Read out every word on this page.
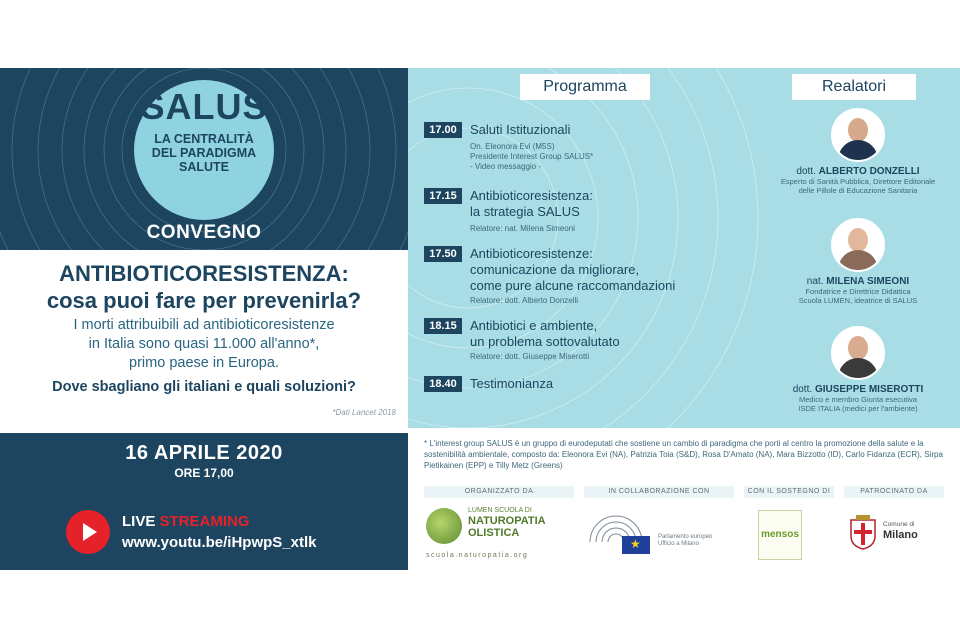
SALUS
LA CENTRALITÀ
DEL PARADIGMA
SALUTE
CONVEGNO
ANTIBIOTICORESISTENZA:
cosa puoi fare per prevenirla?
I morti attribuibili ad antibioticoresistenze
in Italia sono quasi 11.000 all'anno*,
primo paese in Europa.
Dove sbagliano gli italiani e quali soluzioni?
*Dati Lancet 2018
16 APRILE 2020
ORE 17,00
LIVE STREAMING
www.youtu.be/iHpwpS_xtlk
Programma	Realatori
17.00	Saluti Istituzionali
On. Eleonora Evi (M5S)
Presidente Interest Group SALUS*
- Video messaggio -
17.15	Antibioticoresistenza:
la strategia SALUS
Relatore: nat. Milena Simeoni
17.50	Antibioticoresistenze:
comunicazione da migliorare,
come pure alcune raccomandazioni
Relatore: dott. Alberto Donzelli
18.15	Antibiotici e ambiente,
un problema sottovalutato
Relatore: dott. Giuseppe Miserotti
18.40	Testimonianza
dott. ALBERTO DONZELLI
Esperto di Sanità Pubblica, Direttore Editoriale
delle Pillole di Educazione Sanitaria
nat. MILENA SIMEONI
Fondatrice e Direttrice Didattica
Scuola LUMEN, ideatrice di SALUS
dott. GIUSEPPE MISEROTTI
Medico e membro Giunta esecutiva
ISDE ITALIA (medici per l'ambiente)
* L'interest group SALUS è un gruppo di eurodeputati che sostiene un cambio di paradigma che porti al centro la promozione della salute e la sostenibilità ambientale, composto da: Eleonora Evi (NA), Patrizia Toia (S&D), Rosa D'Amato (NA), Mara Bizzotto (ID), Carlo Fidanza (ECR), Sirpa Pietikainen (EPP) e Tilly Metz (Greens)
ORGANIZZATO DA	IN COLLABORAZIONE CON	CON IL SOSTEGNO DI	PATROCINATO DA
LUMEN SCUOLA DI
NATUROPATIA
OLISTICA
scuola.naturopatia.org
★
Parlamento europeo
Ufficio a Milano
mensos
Comune di
Milano
